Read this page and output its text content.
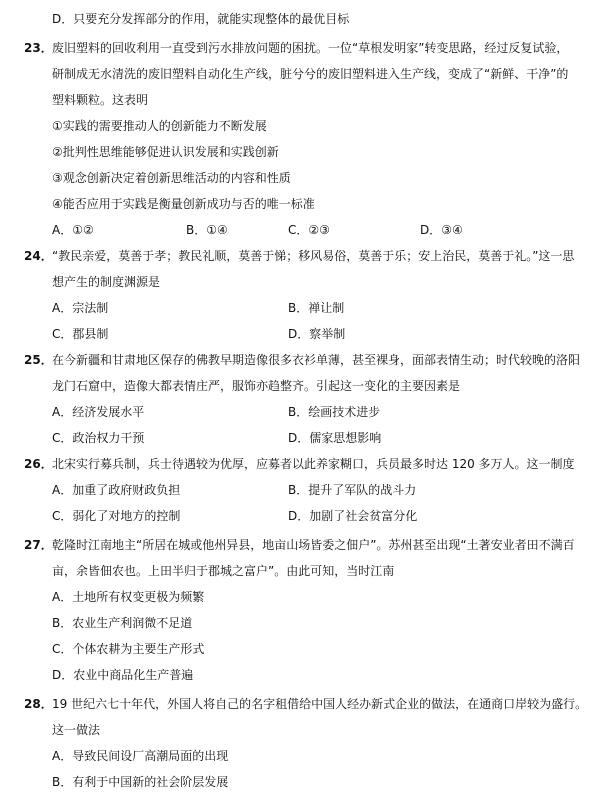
D．只要充分发挥部分的作用，就能实现整体的最优目标
23． 废旧塑料的回收利用一直受到污水排放问题的困扰。一位“草根发明家”转变思路，经过反复试验，
研制成无水清洗的废旧塑料自动化生产线，脏兮兮的废旧塑料进入生产线，变成了“新鲜、干净”的
塑料颗粒。这表明
①实践的需要推动人的创新能力不断发展
②批判性思维能够促进认识发展和实践创新
③观念创新决定着创新思维活动的内容和性质
④能否应用于实践是衡量创新成功与否的唯一标准
A．①②	B．①④	C．②③	D．③④
24． “教民亲爱，莫善于孝；教民礼顺，莫善于悌；移风易俗，莫善于乐；安上治民，莫善于礼。”这一思
想产生的制度渊源是
A．宗法制	B．禅让制
C．郡县制	D．察举制
25． 在今新疆和甘肃地区保存的佛教早期造像很多衣衫单薄，甚至裸身，面部表情生动；时代较晚的洛阳
龙门石窟中，造像大都表情庄严，服饰亦趋整齐。引起这一变化的主要因素是
A．经济发展水平	B．绘画技术进步
C．政治权力干预	D．儒家思想影响
26． 北宋实行募兵制，兵士待遇较为优厚，应募者以此养家糊口，兵员最多时达 120 多万人。这一制度
A．加重了政府财政负担	B．提升了军队的战斗力
C．弱化了对地方的控制	D．加剧了社会贫富分化
27． 乾隆时江南地主“所居在城或他州异县，地亩山场皆委之佃户”。苏州甚至出现“土著安业者田不满百
亩，余皆佃农也。上田半归于郡城之富户”。由此可知，当时江南
A．土地所有权变更极为频繁
B．农业生产利润微不足道
C．个体农耕为主要生产形式
D．农业中商品化生产普遍
28． 19 世纪六七十年代，外国人将自己的名字租借给中国人经办新式企业的做法，在通商口岸较为盛行。
这一做法
A．导致民间设厂高潮局面的出现
B．有利于中国新的社会阶层发展
